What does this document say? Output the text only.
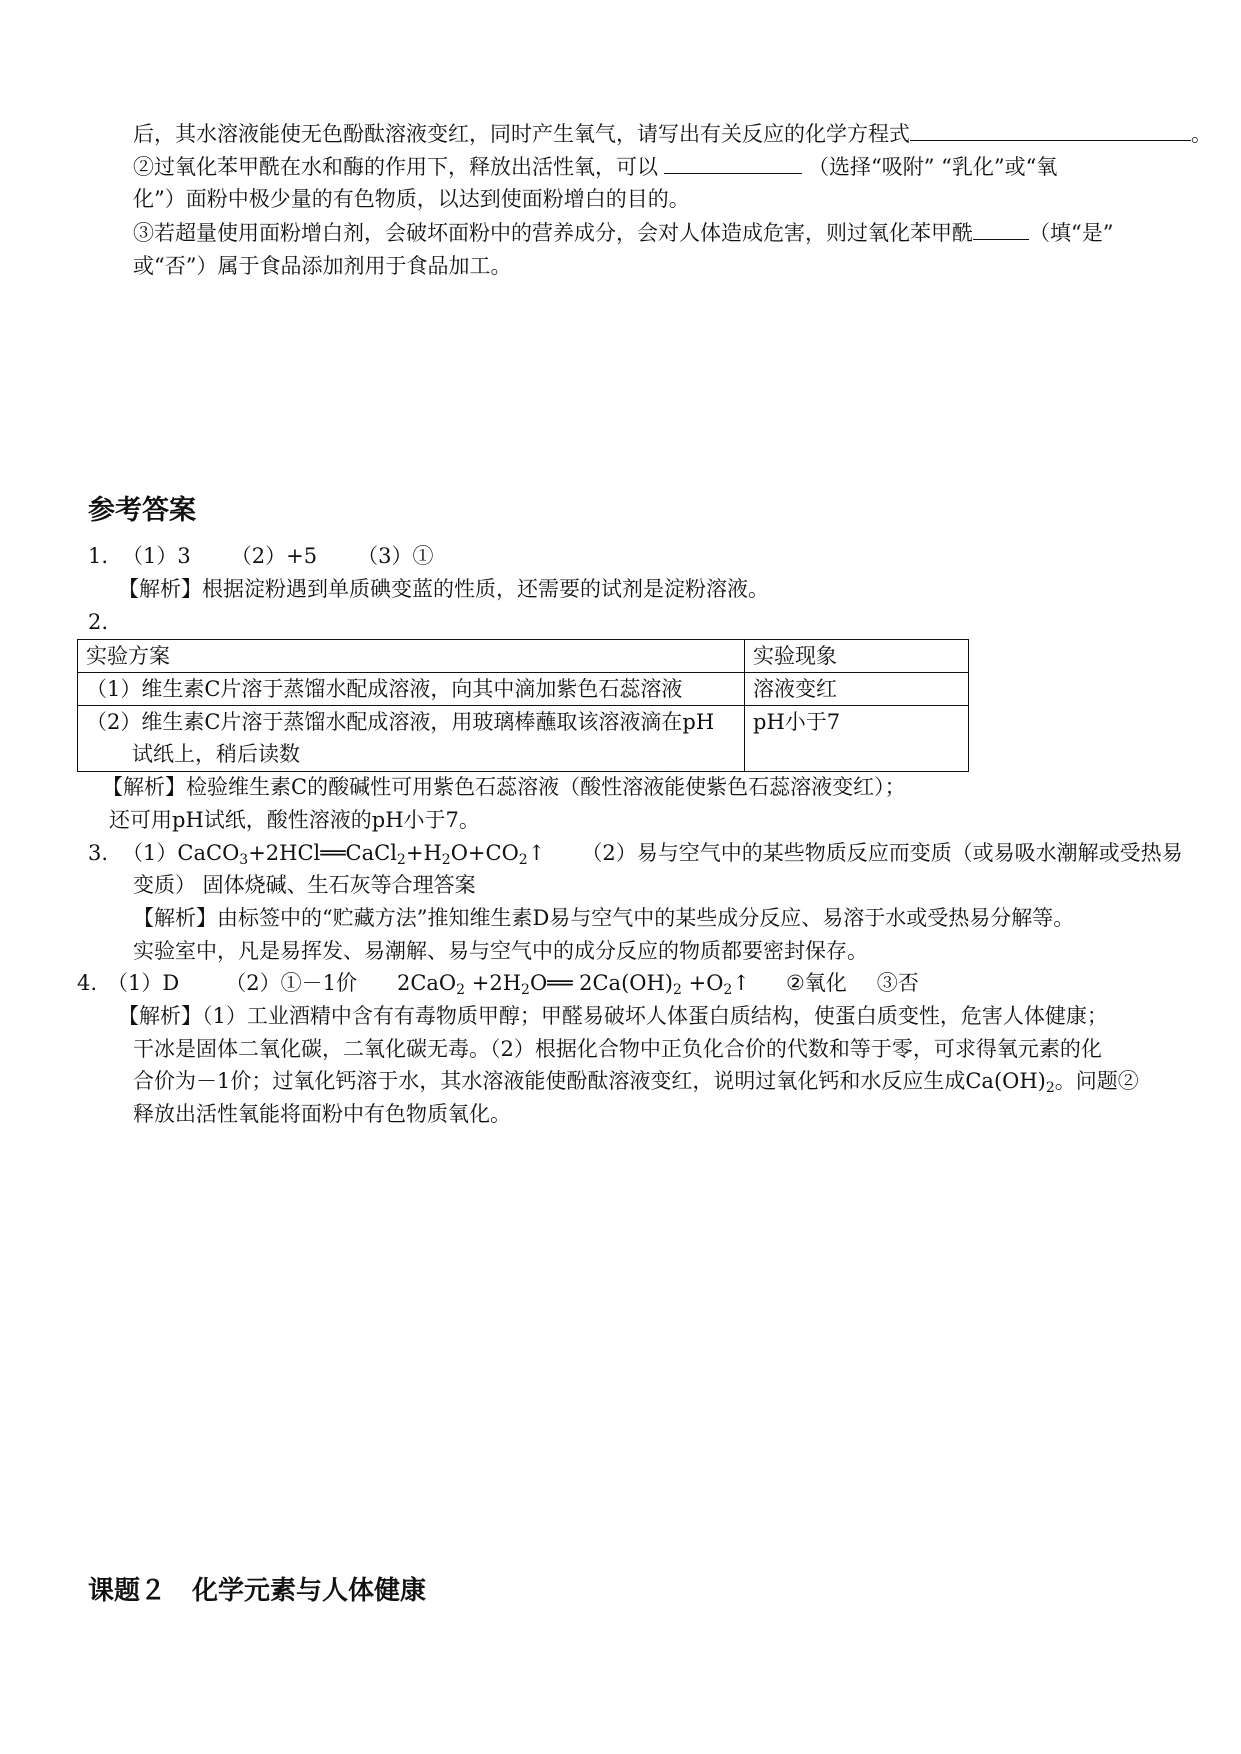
后，其水溶液能使无色酚酞溶液变红，同时产生氧气，请写出有关反应的化学方程式	。
②过氧化苯甲酰在水和酶的作用下，释放出活性氧，可以	（选择“吸附” “乳化”或“氧
化”）面粉中极少量的有色物质，以达到使面粉增白的目的。
③若超量使用面粉增白剂，会破坏面粉中的营养成分，会对人体造成危害，则过氧化苯甲酰	（填“是”
或“否”）属于食品添加剂用于食品加工。
参考答案
1. （1）3 （2）+5 （3）①
【解析】根据淀粉遇到单质碘变蓝的性质，还需要的试剂是淀粉溶液。
2.
实验方案	实验现象
（1）维生素C片溶于蒸馏水配成溶液，向其中滴加紫色石蕊溶液	溶液变红

（2）维生素C片溶于蒸馏水配成溶液，用玻璃棒蘸取该溶液滴在pH
试纸上，稍后读数	pH小于7
【解析】检验维生素C的酸碱性可用紫色石蕊溶液（酸性溶液能使紫色石蕊溶液变红）；
还可用pH试纸，酸性溶液的pH小于7。
3. （1）CaCO3+2HCl══CaCl2+H2O+CO2↑ （2）易与空气中的某些物质反应而变质（或易吸水潮解或受热易
变质） 固体烧碱、生石灰等合理答案
【解析】由标签中的“贮藏方法”推知维生素D易与空气中的某些成分反应、易溶于水或受热易分解等。
实验室中，凡是易挥发、易潮解、易与空气中的成分反应的物质都要密封保存。
4. （1）D （2）①－1价 2CaO2 +2H2O══ 2Ca(OH)2 +O2↑ ②氧化 ③否
【解析】（1）工业酒精中含有有毒物质甲醇；甲醛易破坏人体蛋白质结构，使蛋白质变性，危害人体健康；
干冰是固体二氧化碳，二氧化碳无毒。（2）根据化合物中正负化合价的代数和等于零，可求得氧元素的化
合价为－1价；过氧化钙溶于水，其水溶液能使酚酞溶液变红，说明过氧化钙和水反应生成Ca(OH)2。问题②
释放出活性氧能将面粉中有色物质氧化。
课题２　化学元素与人体健康
